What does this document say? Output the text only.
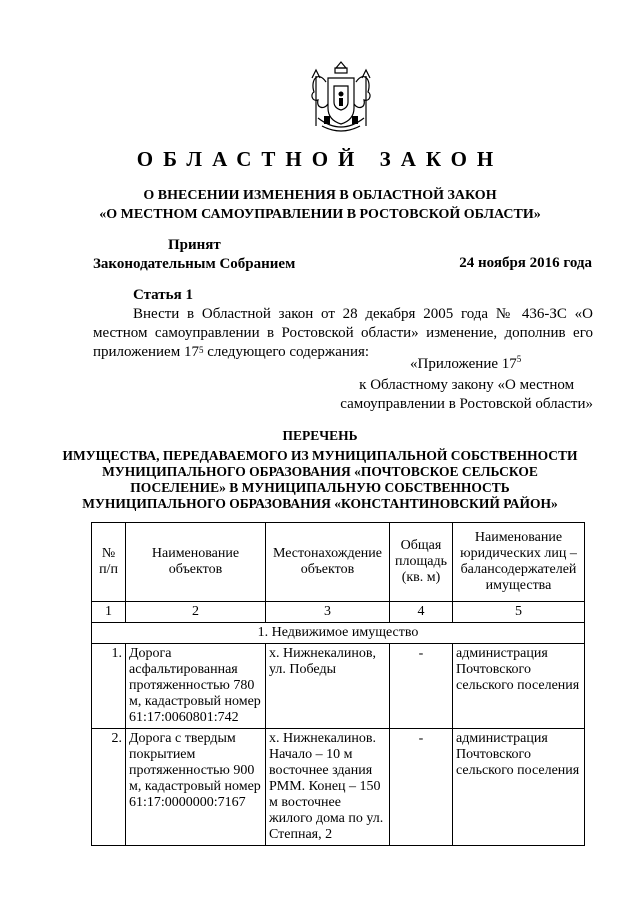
ОБЛАСТНОЙ ЗАКОН
О ВНЕСЕНИИ ИЗМЕНЕНИЯ В ОБЛАСТНОЙ ЗАКОН
«О МЕСТНОМ САМОУПРАВЛЕНИИ В РОСТОВСКОЙ ОБЛАСТИ»
Принят
Законодательным Собранием	24 ноября 2016 года
Статья 1
Внести в Областной закон от 28 декабря 2005 года № 436-ЗС «О местном самоуправлении в Ростовской области» изменение, дополнив его приложением $17^5$ следующего содержания:
«Приложение $17^5$
к Областному закону «О местном
самоуправлении в Ростовской области»
ПЕРЕЧЕНЬ
ИМУЩЕСТВА, ПЕРЕДАВАЕМОГО ИЗ МУНИЦИПАЛЬНОЙ СОБСТВЕННОСТИ
МУНИЦИПАЛЬНОГО ОБРАЗОВАНИЯ «ПОЧТОВСКОЕ СЕЛЬСКОЕ
ПОСЕЛЕНИЕ» В МУНИЦИПАЛЬНУЮ СОБСТВЕННОСТЬ
МУНИЦИПАЛЬНОГО ОБРАЗОВАНИЯ «КОНСТАНТИНОВСКИЙ РАЙОН»
№ п/п	Наименование объектов	Местонахождение объектов	Общая площадь (кв. м)	Наименование юридических лиц – балансодержателей имущества
1	2	3	4	5
1. Недвижимое имущество				
1.	Дорога асфальтированная протяженностью 780 м, кадастровый номер 61:17:0060801:742	х. Нижнекалинов, ул. Победы	-	администрация Почтовского сельского поселения
2.	Дорога с твердым покрытием протяженностью 900 м, кадастровый номер 61:17:0000000:7167	х. Нижнекалинов. Начало – 10 м восточнее здания РММ. Конец – 150 м восточнее жилого дома по ул. Степная, 2	-	администрация Почтовского сельского поселения
